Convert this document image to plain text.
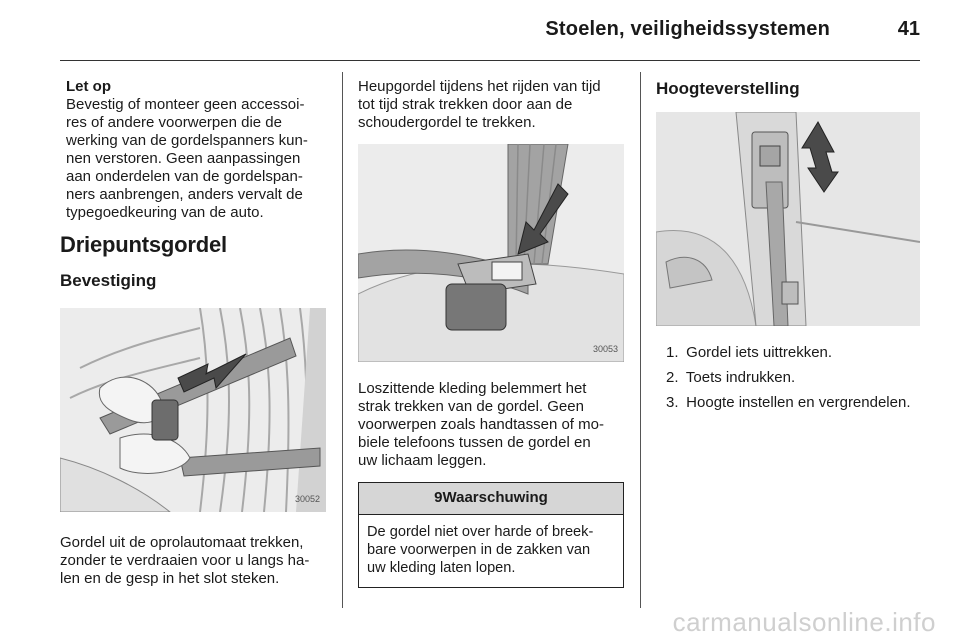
Stoelen, veiligheidssystemen	41
Let op
Bevestig of monteer geen accessoi-
res of andere voorwerpen die de
werking van de gordelspanners kun-
nen verstoren. Geen aanpassingen
aan onderdelen van de gordelspan-
ners aanbrengen, anders vervalt de
typegoedkeuring van de auto.
Driepuntsgordel
Bevestiging
30052
Gordel uit de oprolautomaat trekken,
zonder te verdraaien voor u langs ha-
len en de gesp in het slot steken.
Heupgordel tijdens het rijden van tijd
tot tijd strak trekken door aan de
schoudergordel te trekken.
30053
Loszittende kleding belemmert het
strak trekken van de gordel. Geen
voorwerpen zoals handtassen of mo-
biele telefoons tussen de gordel en
uw lichaam leggen.
9Waarschuwing
De gordel niet over harde of breek-
bare voorwerpen in de zakken van
uw kleding laten lopen.
Hoogteverstelling
1. Gordel iets uittrekken.
2. Toets indrukken.
3. Hoogte instellen en vergrendelen.
carmanualsonline.info
